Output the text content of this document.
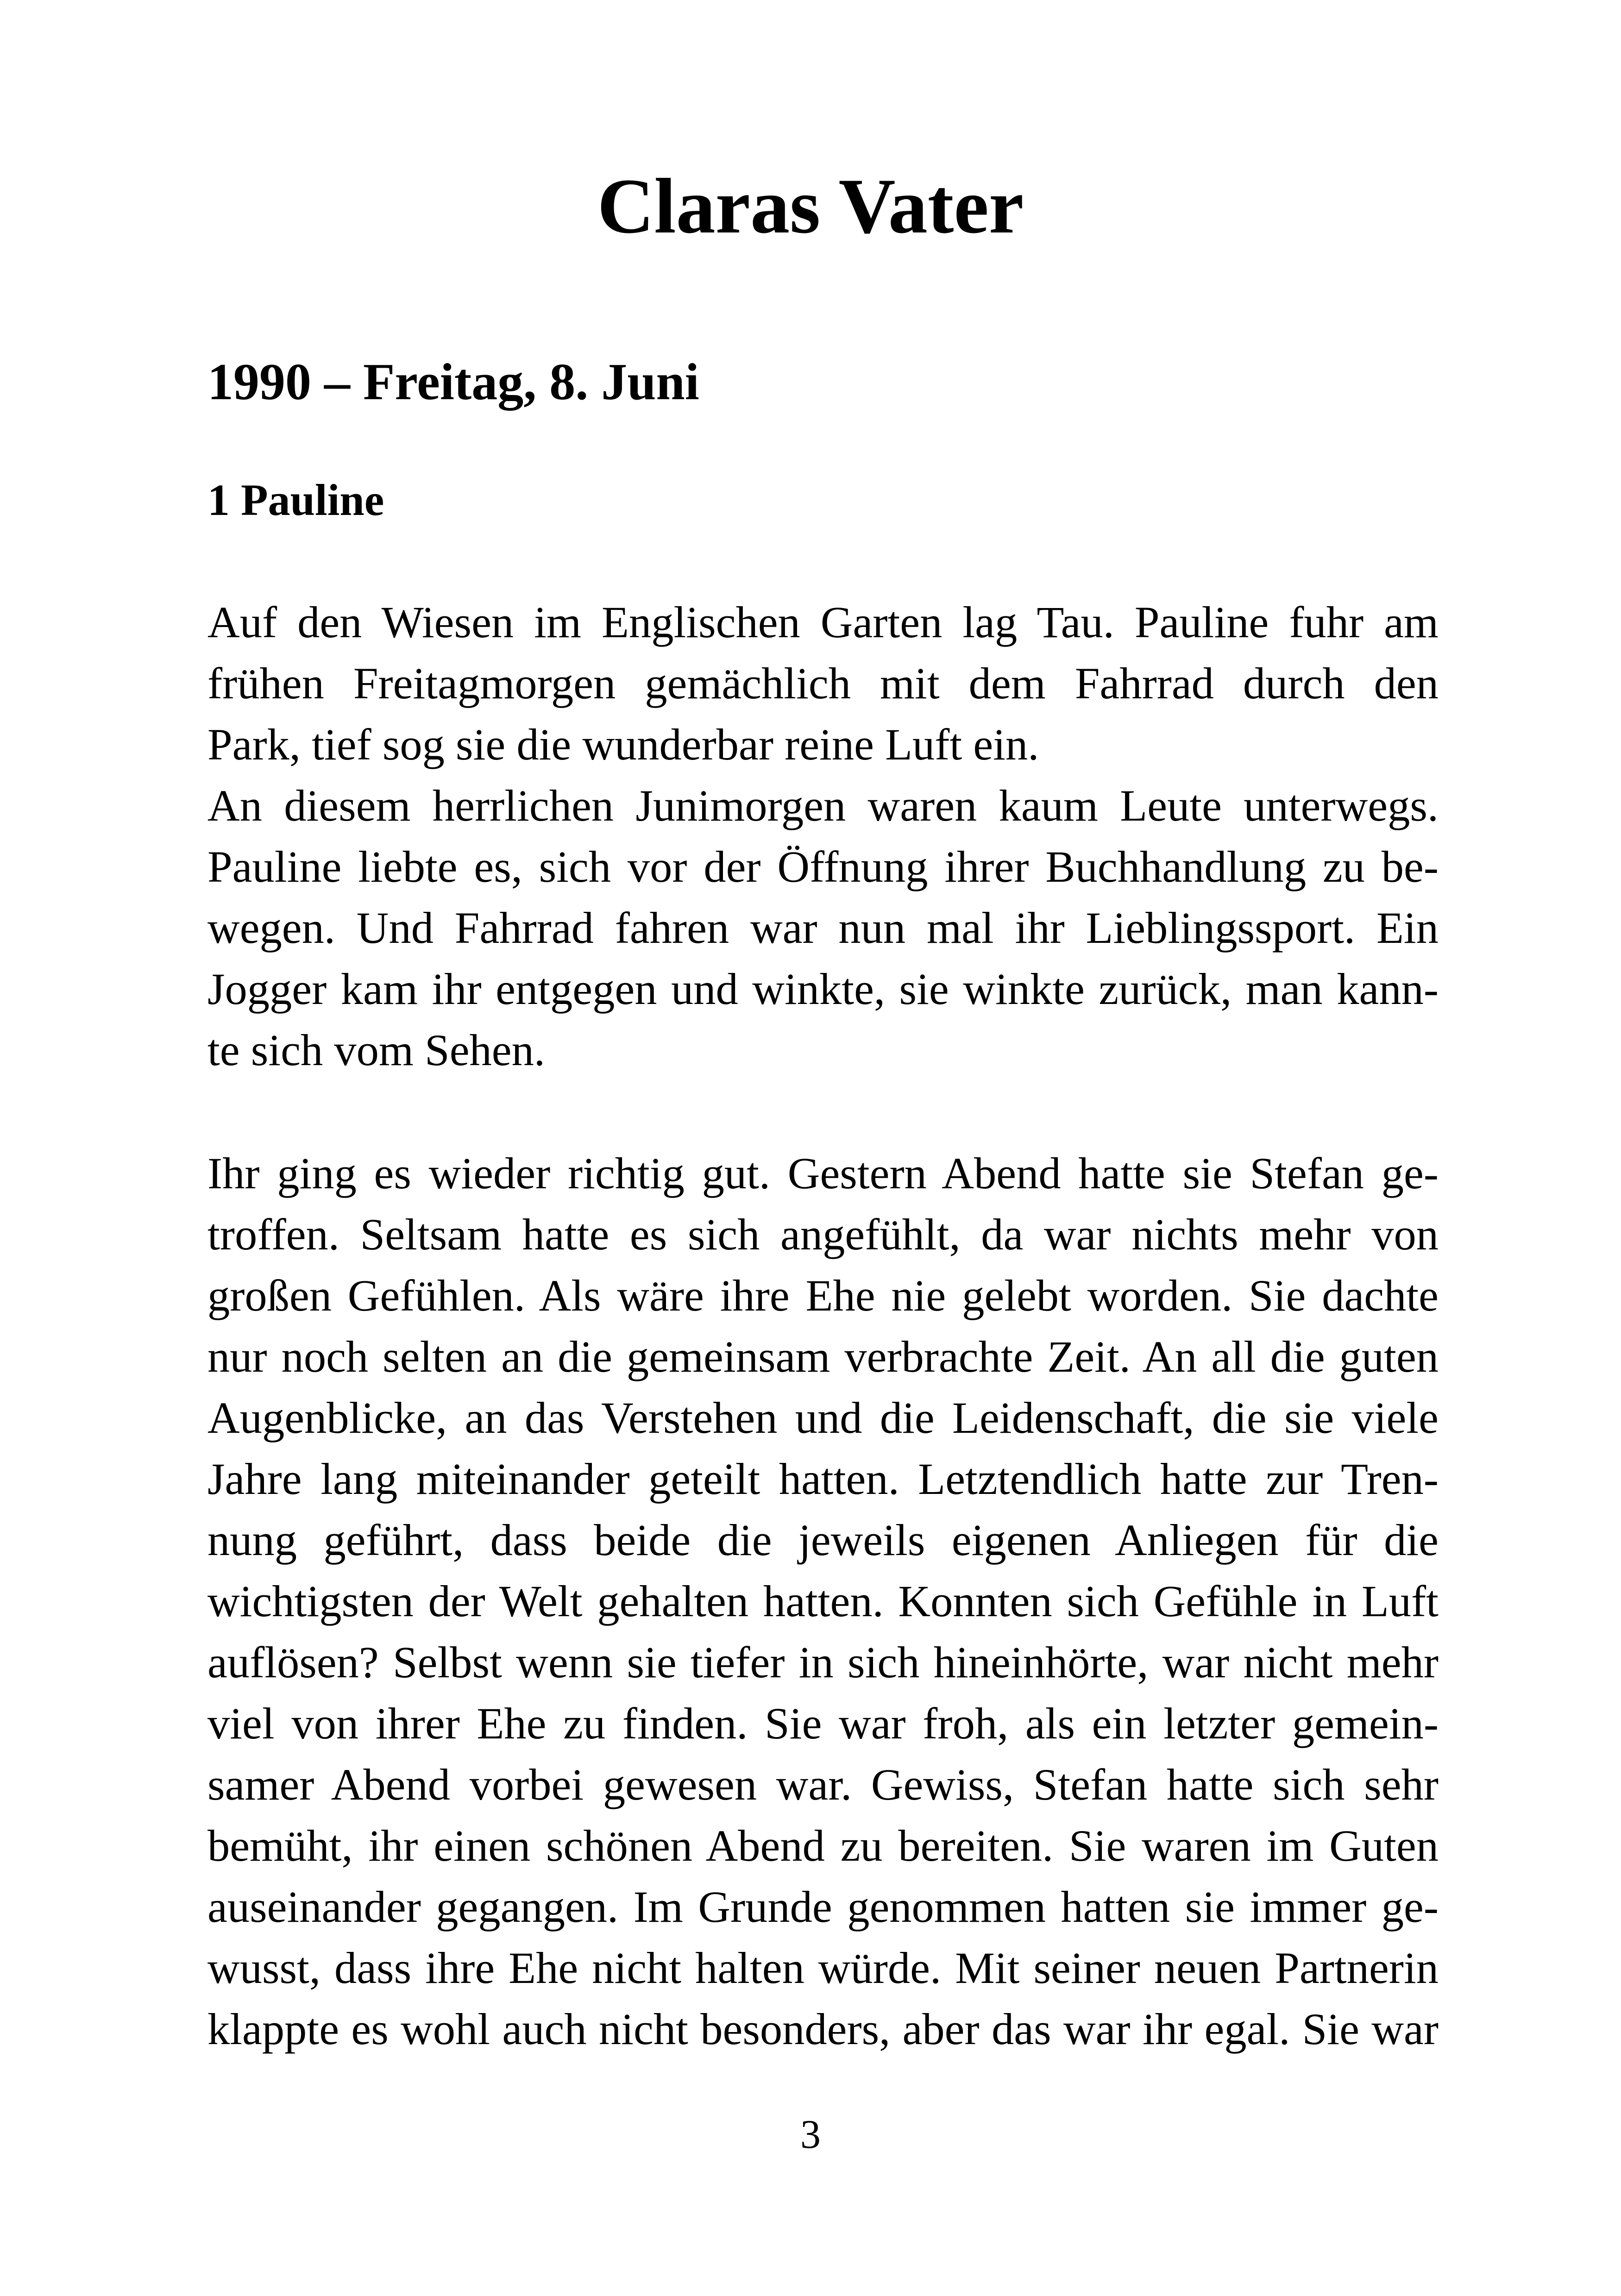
Claras Vater
1990 – Freitag, 8. Juni
1 Pauline
Auf den Wiesen im Englischen Garten lag Tau. Pauline fuhr am
frühen Freitagmorgen gemächlich mit dem Fahrrad durch den
Park, tief sog sie die wunderbar reine Luft ein.
An diesem herrlichen Junimorgen waren kaum Leute unterwegs.
Pauline liebte es, sich vor der Öffnung ihrer Buchhandlung zu be-
wegen. Und Fahrrad fahren war nun mal ihr Lieblingssport. Ein
Jogger kam ihr entgegen und winkte, sie winkte zurück, man kann-
te sich vom Sehen.
Ihr ging es wieder richtig gut. Gestern Abend hatte sie Stefan ge-
troffen. Seltsam hatte es sich angefühlt, da war nichts mehr von
großen Gefühlen. Als wäre ihre Ehe nie gelebt worden. Sie dachte
nur noch selten an die gemeinsam verbrachte Zeit. An all die guten
Augenblicke, an das Verstehen und die Leidenschaft, die sie viele
Jahre lang miteinander geteilt hatten. Letztendlich hatte zur Tren-
nung geführt, dass beide die jeweils eigenen Anliegen für die
wichtigsten der Welt gehalten hatten. Konnten sich Gefühle in Luft
auflösen? Selbst wenn sie tiefer in sich hineinhörte, war nicht mehr
viel von ihrer Ehe zu finden. Sie war froh, als ein letzter gemein-
samer Abend vorbei gewesen war. Gewiss, Stefan hatte sich sehr
bemüht, ihr einen schönen Abend zu bereiten. Sie waren im Guten
auseinander gegangen. Im Grunde genommen hatten sie immer ge-
wusst, dass ihre Ehe nicht halten würde. Mit seiner neuen Partnerin
klappte es wohl auch nicht besonders, aber das war ihr egal. Sie war
3
